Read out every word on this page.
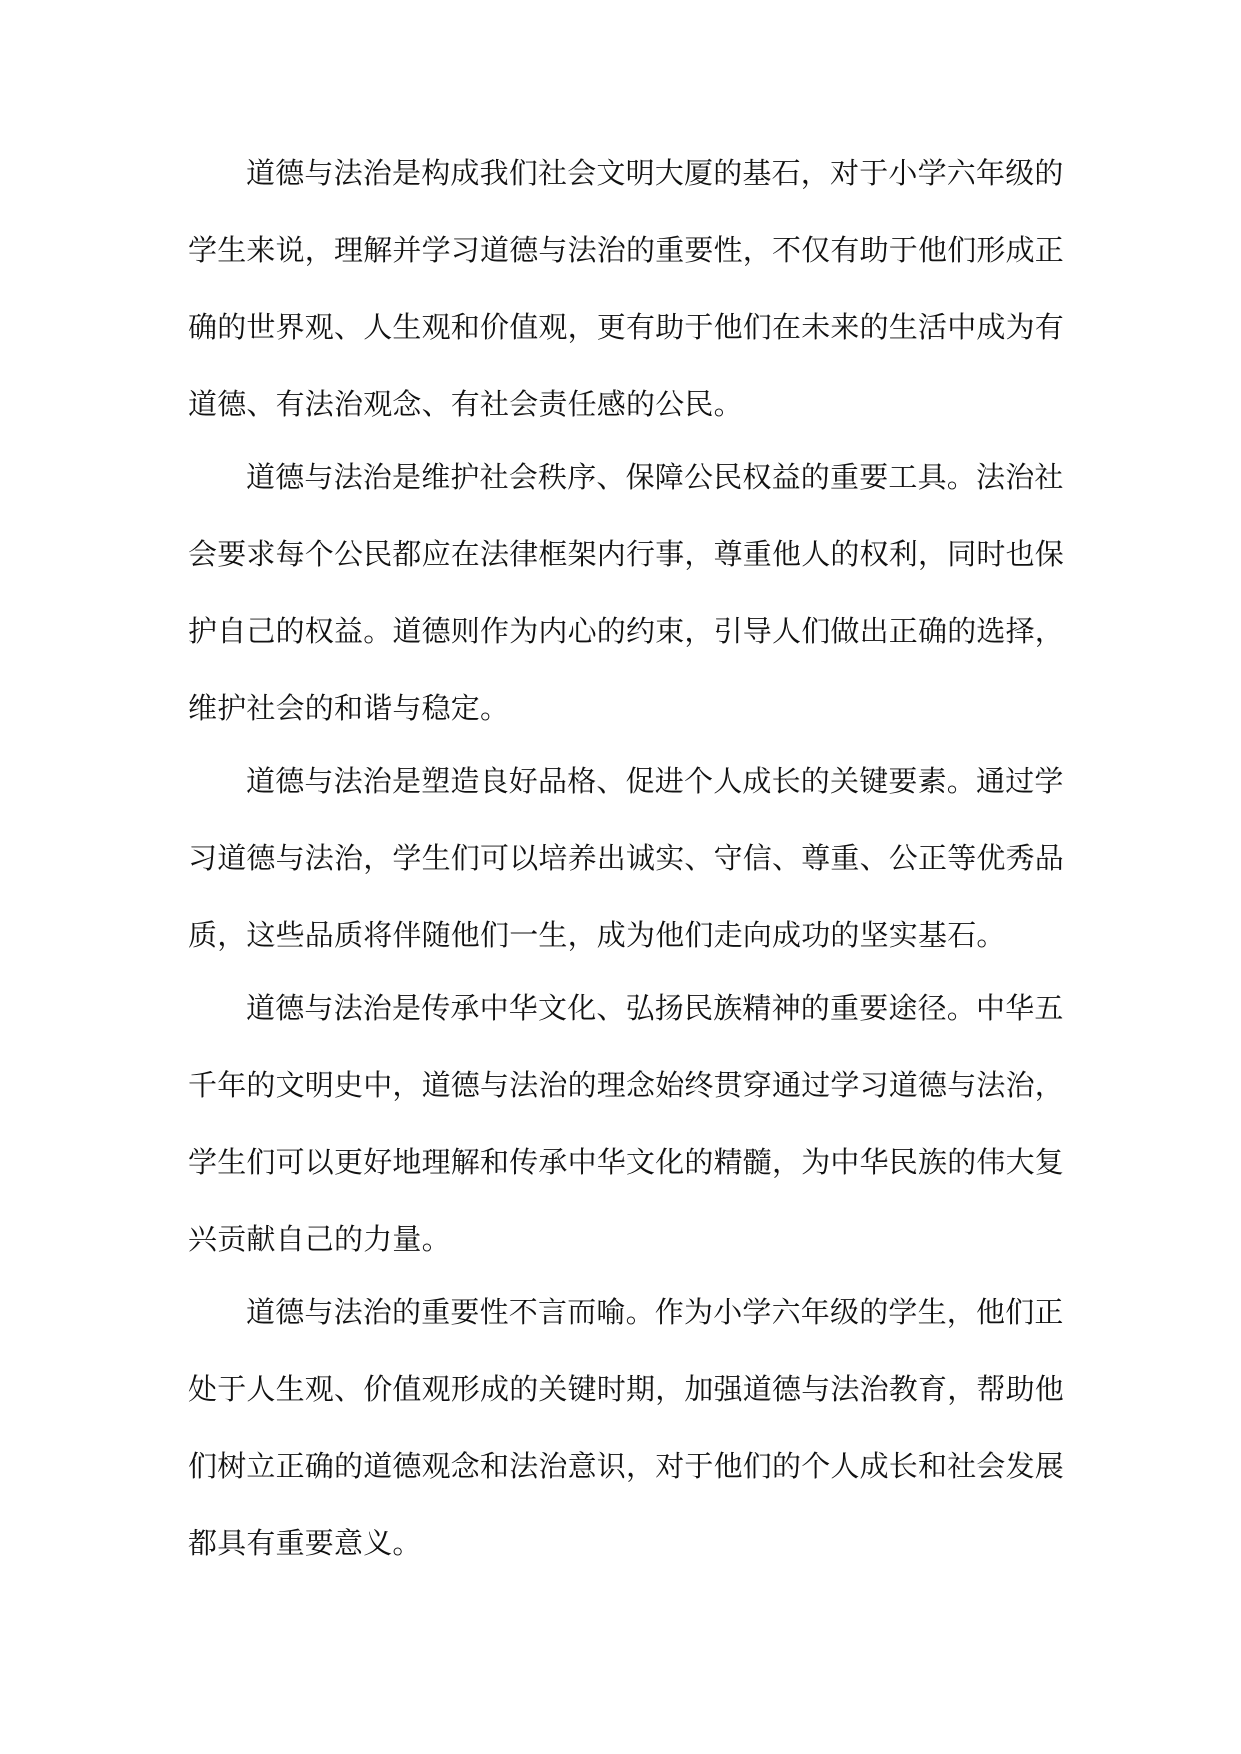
道德与法治是构成我们社会文明大厦的基石，对于小学六年级的
学生来说，理解并学习道德与法治的重要性，不仅有助于他们形成正
确的世界观、人生观和价值观，更有助于他们在未来的生活中成为有
道德、有法治观念、有社会责任感的公民。
道德与法治是维护社会秩序、保障公民权益的重要工具。法治社
会要求每个公民都应在法律框架内行事，尊重他人的权利，同时也保
护自己的权益。道德则作为内心的约束，引导人们做出正确的选择，
维护社会的和谐与稳定。
道德与法治是塑造良好品格、促进个人成长的关键要素。通过学
习道德与法治，学生们可以培养出诚实、守信、尊重、公正等优秀品
质，这些品质将伴随他们一生，成为他们走向成功的坚实基石。
道德与法治是传承中华文化、弘扬民族精神的重要途径。中华五
千年的文明史中，道德与法治的理念始终贯穿通过学习道德与法治，
学生们可以更好地理解和传承中华文化的精髓，为中华民族的伟大复
兴贡献自己的力量。
道德与法治的重要性不言而喻。作为小学六年级的学生，他们正
处于人生观、价值观形成的关键时期，加强道德与法治教育，帮助他
们树立正确的道德观念和法治意识，对于他们的个人成长和社会发展
都具有重要意义。
